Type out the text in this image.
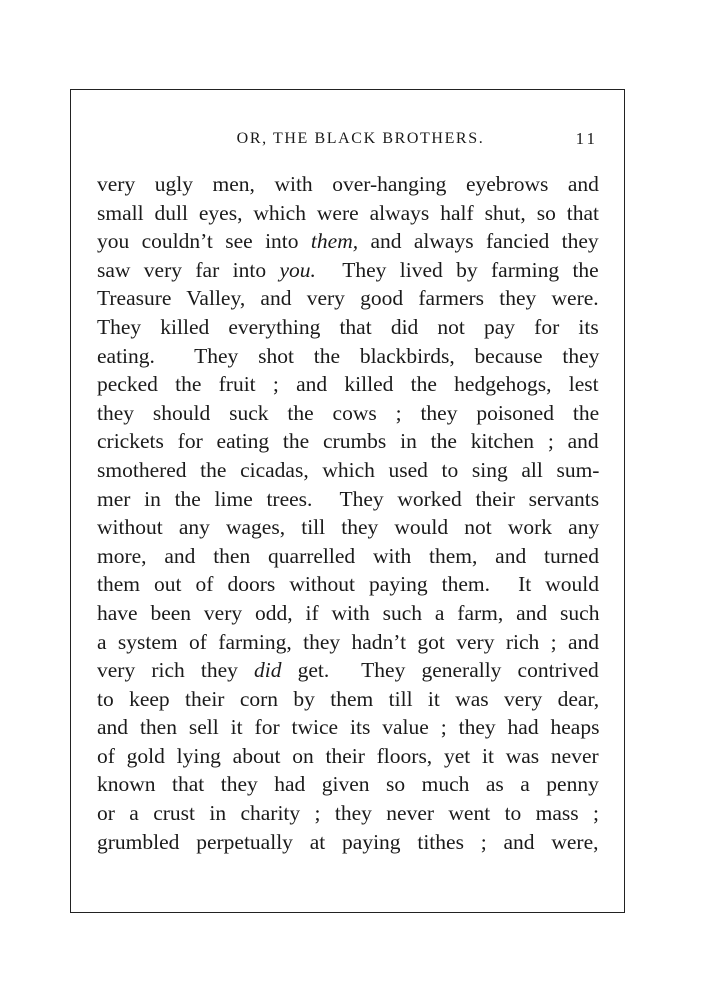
OR, THE BLACK BROTHERS.	11
very ugly men, with over-hanging eyebrows and
small dull eyes, which were always half shut, so that
you couldn’t see into them, and always fancied they
saw very far into you.  They lived by farming the
Treasure Valley, and very good farmers they were.
They killed everything that did not pay for its
eating.  They shot the blackbirds, because they
pecked the fruit ; and killed the hedgehogs, lest
they should suck the cows ; they poisoned the
crickets for eating the crumbs in the kitchen ; and
smothered the cicadas, which used to sing all sum-
mer in the lime trees.  They worked their servants
without any wages, till they would not work any
more, and then quarrelled with them, and turned
them out of doors without paying them.  It would
have been very odd, if with such a farm, and such
a system of farming, they hadn’t got very rich ; and
very rich they did get.  They generally contrived
to keep their corn by them till it was very dear,
and then sell it for twice its value ; they had heaps
of gold lying about on their floors, yet it was never
known that they had given so much as a penny
or a crust in charity ; they never went to mass ;
grumbled perpetually at paying tithes ; and were,
